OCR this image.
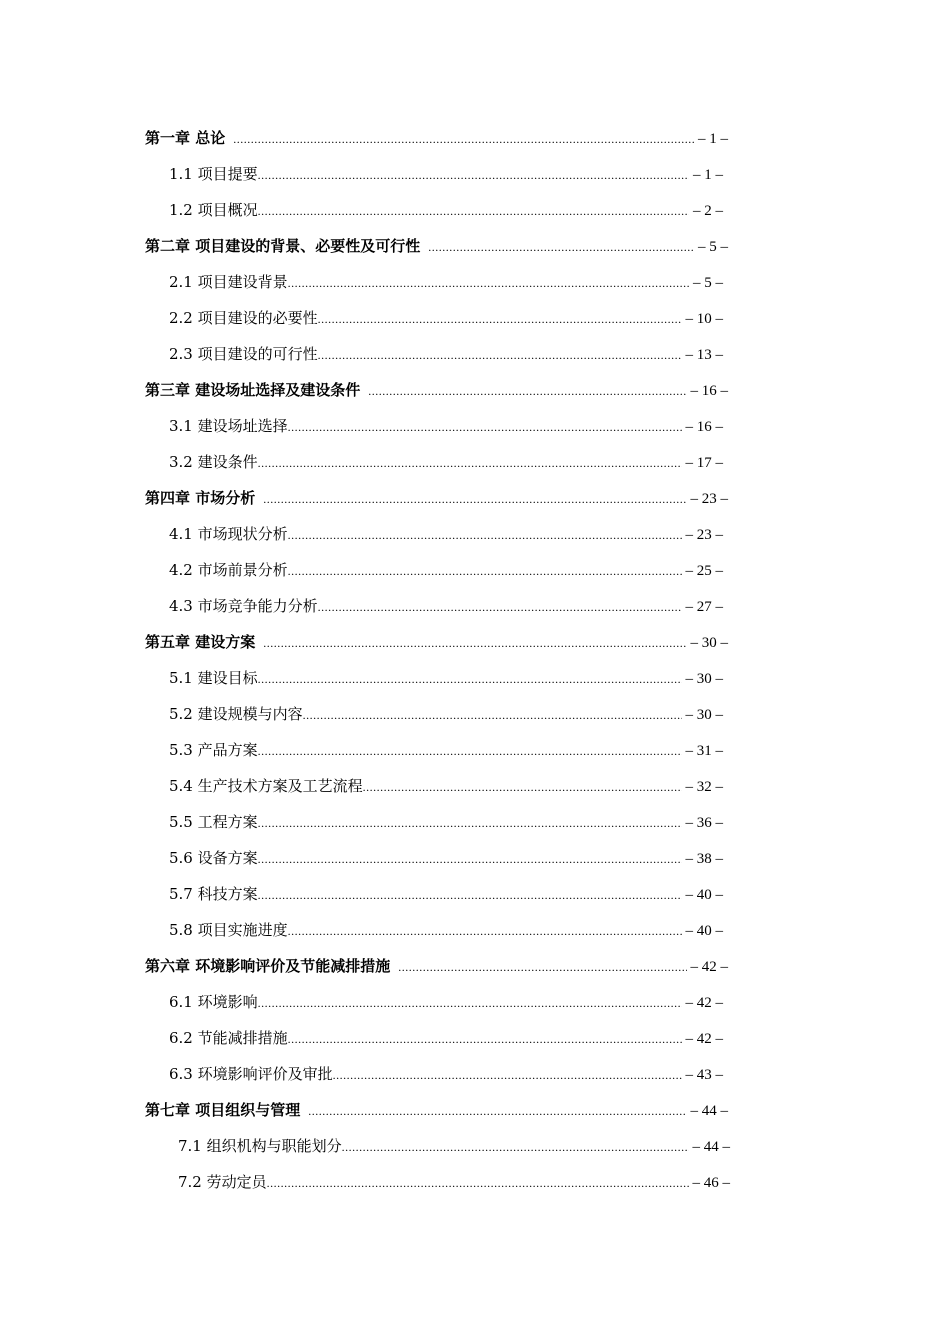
第一章 总论 .....	– 1 –
1.1 项目提要 .....	– 1 –
1.2 项目概况 .....	– 2 –
第二章 项目建设的背景、必要性及可行性 .....	– 5 –
2.1 项目建设背景 .....	– 5 –
2.2 项目建设的必要性 .....	– 10 –
2.3 项目建设的可行性 .....	– 13 –
第三章 建设场址选择及建设条件 .....	– 16 –
3.1 建设场址选择 .....	– 16 –
3.2 建设条件 .....	– 17 –
第四章 市场分析 .....	– 23 –
4.1 市场现状分析 .....	– 23 –
4.2 市场前景分析 .....	– 25 –
4.3 市场竞争能力分析 .....	– 27 –
第五章 建设方案 .....	– 30 –
5.1 建设目标 .....	– 30 –
5.2 建设规模与内容 .....	– 30 –
5.3 产品方案 .....	– 31 –
5.4 生产技术方案及工艺流程 .....	– 32 –
5.5 工程方案 .....	– 36 –
5.6 设备方案 .....	– 38 –
5.7 科技方案 .....	– 40 –
5.8 项目实施进度 .....	– 40 –
第六章 环境影响评价及节能减排措施 .....	– 42 –
6.1 环境影响 .....	– 42 –
6.2 节能减排措施 .....	– 42 –
6.3 环境影响评价及审批 .....	– 43 –
第七章 项目组织与管理 .....	– 44 –
7.1 组织机构与职能划分 .....	– 44 –
7.2 劳动定员 .....	– 46 –
